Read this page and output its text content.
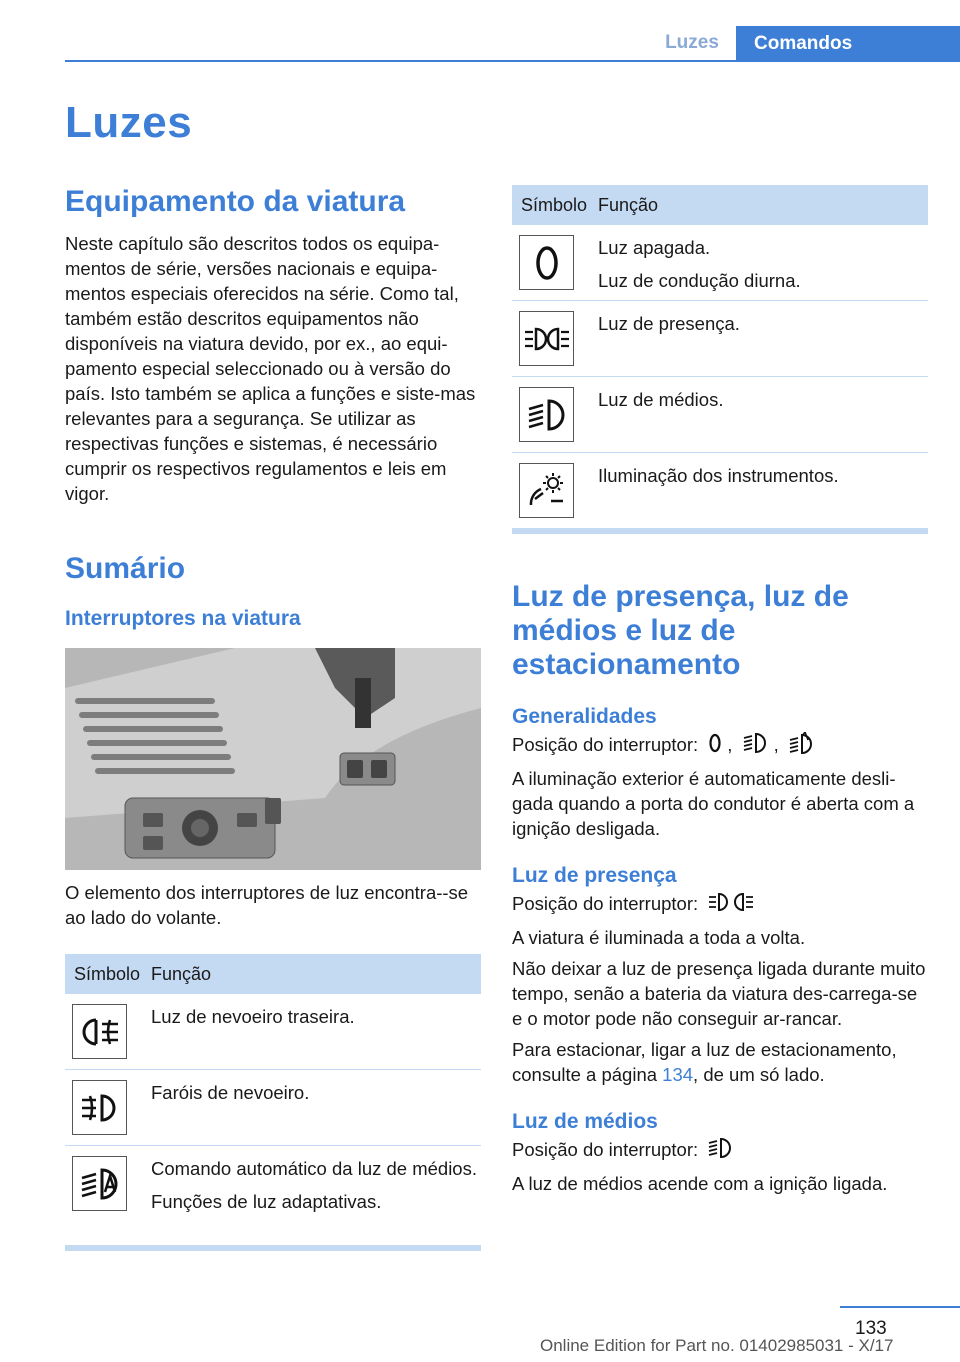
Luzes	Comandos
Luzes
Equipamento da viatura
Neste capítulo são descritos todos os equipa-mentos de série, versões nacionais e equipa-mentos especiais oferecidos na série. Como tal, também estão descritos equipamentos não disponíveis na viatura devido, por ex., ao equi-pamento especial seleccionado ou à versão do país. Isto também se aplica a funções e siste-mas relevantes para a segurança. Se utilizar as respectivas funções e sistemas, é necessário cumprir os respectivos regulamentos e leis em vigor.
Sumário
Interruptores na viatura
O elemento dos interruptores de luz encontra--se ao lado do volante.
Símbolo Função
Luz de nevoeiro traseira.
Faróis de nevoeiro.
Comando automático da luz de médios.
Funções de luz adaptativas.
Símbolo Função
Luz apagada.
Luz de condução diurna.
Luz de presença.
Luz de médios.
Iluminação dos instrumentos.
Luz de presença, luz de médios e luz de estacionamento
Generalidades
Posição do interruptor: , ,
A iluminação exterior é automaticamente desli-gada quando a porta do condutor é aberta com a ignição desligada.
Luz de presença
Posição do interruptor:
A viatura é iluminada a toda a volta.
Não deixar a luz de presença ligada durante muito tempo, senão a bateria da viatura des-carrega-se e o motor pode não conseguir ar-rancar.
Para estacionar, ligar a luz de estacionamento, consulte a página 134, de um só lado.
Luz de médios
Posição do interruptor:
A luz de médios acende com a ignição ligada.
133
Online Edition for Part no. 01402985031 - X/17
